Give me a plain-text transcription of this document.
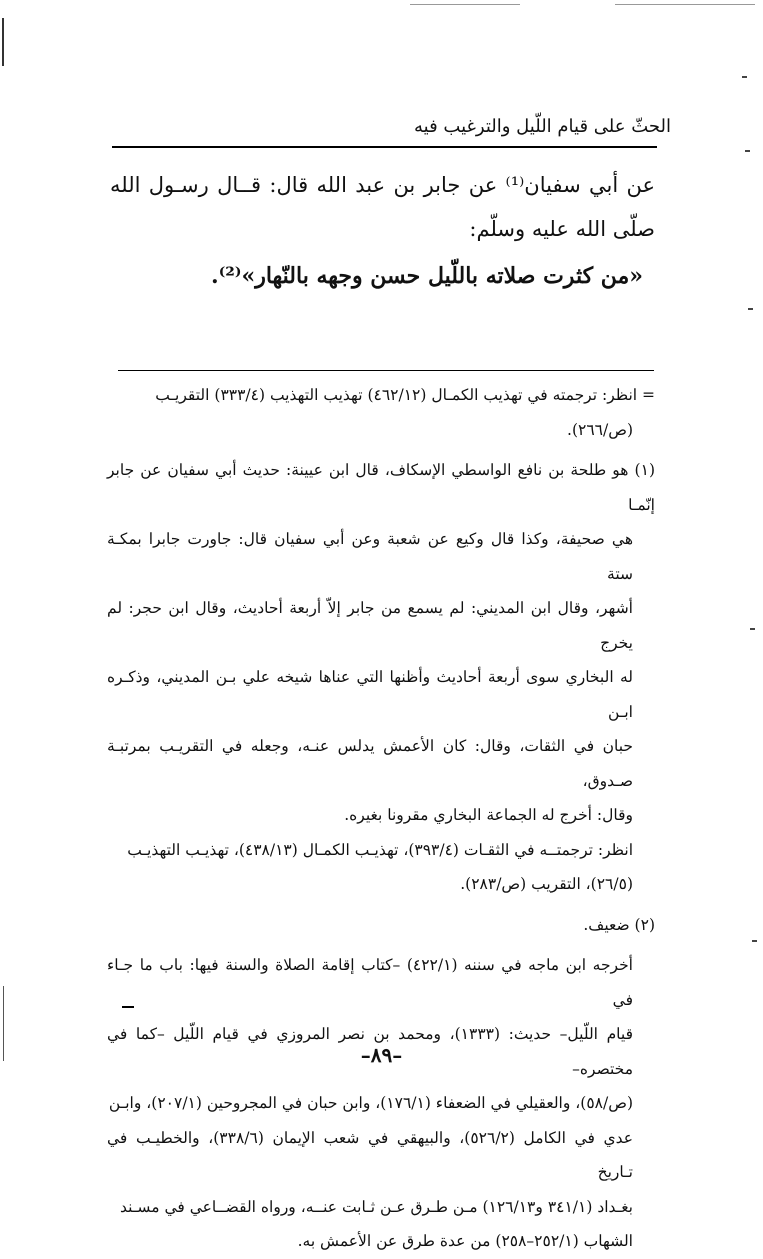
الحثّ على قيام اللّيل والترغيب فيه

عن أبي سفيان⁽¹⁾ عن جابر بن عبد الله قال: قــال رسـول الله صلّى الله عليه وسلّم:

«من كثرت صلاته باللّيل حسن وجهه بالنّهار»⁽²⁾.

= انظر: ترجمته في تهذيب الكمـال (٤٦٢/١٢) تهذيب التهذيب (٣٣٣/٤) التقريـب

(ص/٢٦٦).

(١) هو طلحة بن نافع الواسطي الإسكاف، قال ابن عيينة: حديث أبي سفيان عن جابر إنّمـا

هي صحيفة، وكذا قال وكيع عن شعبة وعن أبي سفيان قال: جاورت جابرا بمكـة ستة

أشهر، وقال ابن المديني: لم يسمع من جابر إلاّ أربعة أحاديث، وقال ابن حجر: لم يخرج

له البخاري سوى أربعة أحاديث وأظنها التي عناها شيخه علي بـن المديني، وذكـره ابـن

حبان في الثقات، وقال: كان الأعمش يدلس عنـه، وجعله في التقريـب بمرتبـة صـدوق،

وقال: أخرج له الجماعة البخاري مقرونا بغيره.

انظر: ترجمتــه في الثقـات (٣٩٣/٤)، تهذيـب الكمـال (٤٣٨/١٣)، تهذيـب التهذيـب

(٢٦/٥)، التقريب (ص/٢٨٣).

(٢) ضعيف.

أخرجه ابن ماجه في سننه (٤٢٢/١) –كتاب إقامة الصلاة والسنة فيها: باب ما جـاء في

قيام اللّيل– حديث: (١٣٣٣)، ومحمد بن نصر المروزي في قيام اللّيل –كما في مختصره–

(ص/٥٨)، والعقيلي في الضعفاء (١٧٦/١)، وابن حبان في المجروحين (٢٠٧/١)، وابـن

عدي في الكامل (٥٢٦/٢)، والبيهقي في شعب الإيمان (٣٣٨/٦)، والخطيـب في تـاريخ

بغـداد (٣٤١/١ و١٢٦/١٣) مـن طـرق عـن ثـابت عنــه، ورواه القضــاعي في مسـند

الشهاب (٢٥٢/١–٢٥٨) من عدة طرق عن الأعمش به.

–٨٩–
